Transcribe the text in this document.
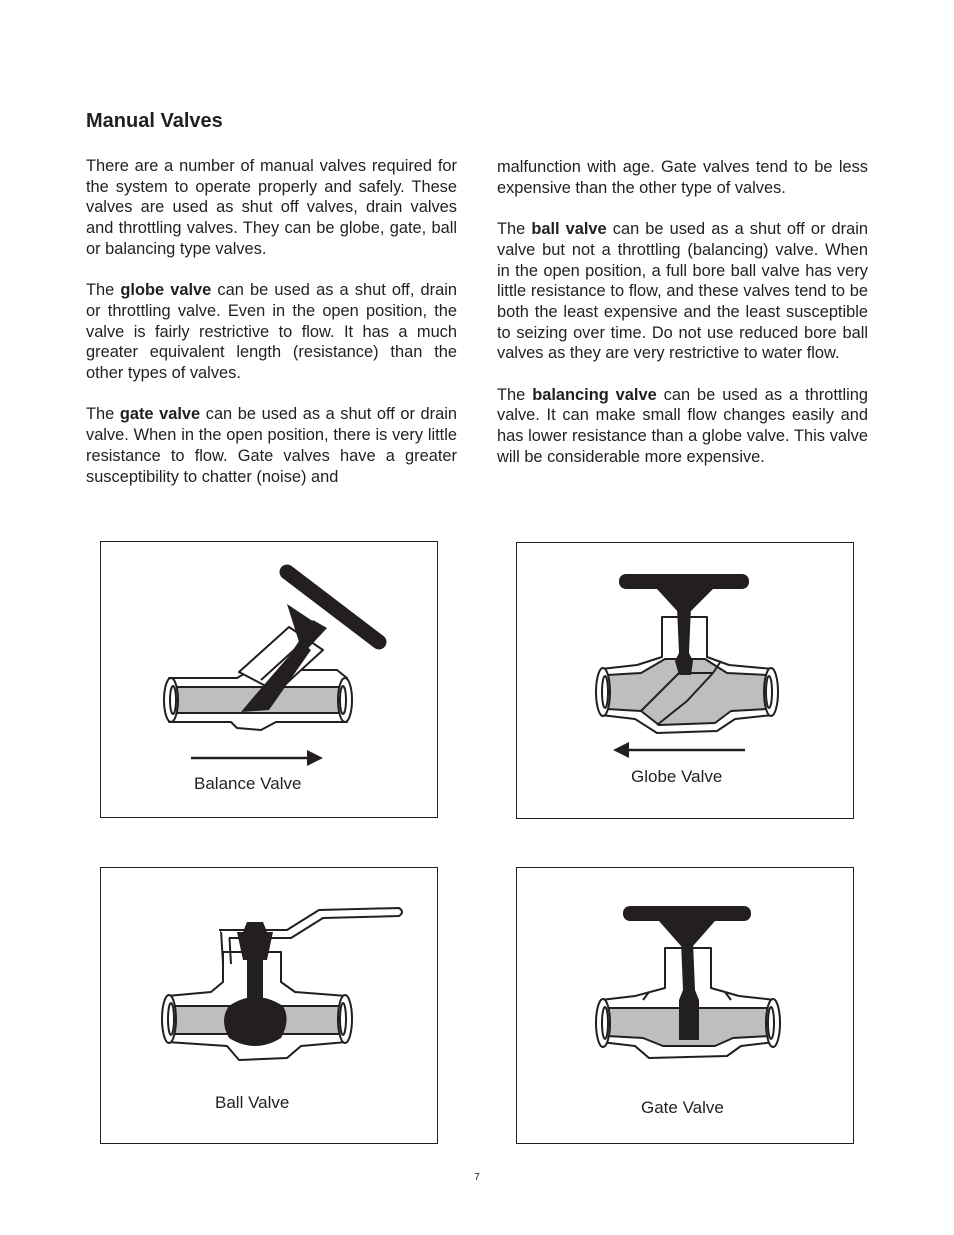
Manual Valves

There are a number of manual valves required for the system to operate properly and safely. These valves are used as shut off valves, drain valves and throttling valves. They can be globe, gate, ball or balancing type valves.

The globe valve can be used as a shut off, drain or throttling valve. Even in the open position, the valve is fairly restrictive to flow. It has a much greater equivalent length (resistance) than the other types of valves.

The gate valve can be used as a shut off or drain valve. When in the open position, there is very little resistance to flow. Gate valves have a greater susceptibility to chatter (noise) and

malfunction with age. Gate valves tend to be less expensive than the other type of valves.

The ball valve can be used as a shut off or drain valve but not a throttling (balancing) valve. When in the open position, a full bore ball valve has very little resistance to flow, and these valves tend to be both the least expensive and the least susceptible to seizing over time. Do not use reduced bore ball valves as they are very restrictive to water flow.

The balancing valve can be used as a throttling valve. It can make small flow changes easily and has lower resistance than a globe valve. This valve will be considerable more expensive.

Balance Valve	Globe Valve
Ball Valve	Gate Valve
7
